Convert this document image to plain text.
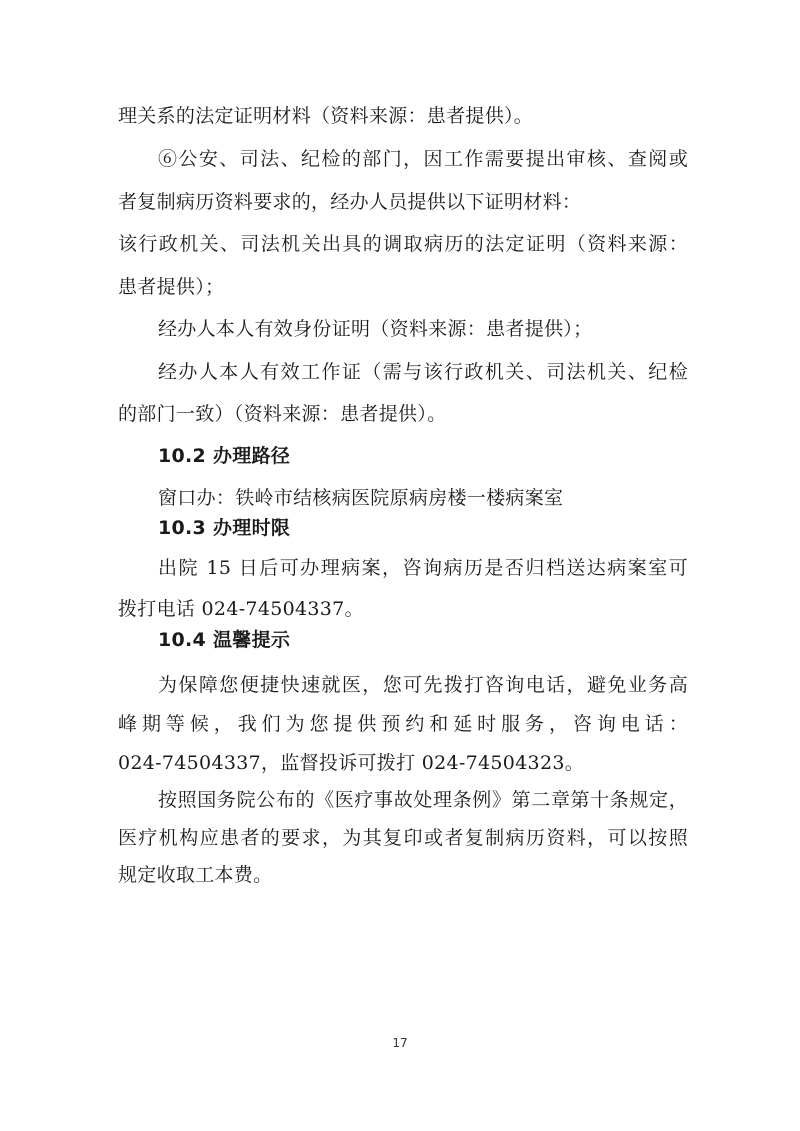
理关系的法定证明材料（资料来源：患者提供）。
⑥公安、司法、纪检的部门，因工作需要提出审核、查阅或
者复制病历资料要求的，经办人员提供以下证明材料：
该行政机关、司法机关出具的调取病历的法定证明（资料来源：
患者提供）；
经办人本人有效身份证明（资料来源：患者提供）；
经办人本人有效工作证（需与该行政机关、司法机关、纪检
的部门一致）（资料来源：患者提供）。
10.2 办理路径
窗口办：铁岭市结核病医院原病房楼一楼病案室
10.3 办理时限
出院 15 日后可办理病案，咨询病历是否归档送达病案室可
拨打电话 024-74504337。
10.4 温馨提示
为保障您便捷快速就医，您可先拨打咨询电话，避免业务高
峰期等候，我们为您提供预约和延时服务，咨询电话：
024-74504337，监督投诉可拨打 024-74504323。
按照国务院公布的《医疗事故处理条例》第二章第十条规定，
医疗机构应患者的要求，为其复印或者复制病历资料，可以按照
规定收取工本费。
17
